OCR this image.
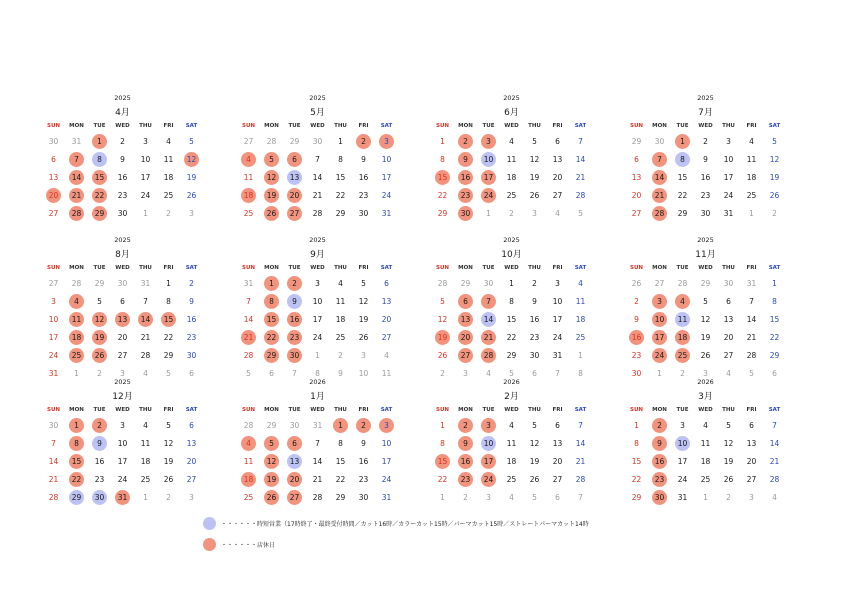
2025
4月
SUN	MON	TUE	WED	THU	FRI	SAT
30 31 1 2 3 4 5
6 7 8 9 10 11 12
13 14 15 16 17 18 19
20 21 22 23 24 25 26
27 28 29 30 1 2 3
2025
5月
SUN	MON	TUE	WED	THU	FRI	SAT
27 28 29 30 1 2 3
4 5 6 7 8 9 10
11 12 13 14 15 16 17
18 19 20 21 22 23 24
25 26 27 28 29 30 31
2025
6月
SUN	MON	TUE	WED	THU	FRI	SAT
1 2 3 4 5 6 7
8 9 10 11 12 13 14
15 16 17 18 19 20 21
22 23 24 25 26 27 28
29 30 1 2 3 4 5
2025
7月
SUN	MON	TUE	WED	THU	FRI	SAT
29 30 1 2 3 4 5
6 7 8 9 10 11 12
13 14 15 16 17 18 19
20 21 22 23 24 25 26
27 28 29 30 31 1 2
2025
8月
SUN	MON	TUE	WED	THU	FRI	SAT
27 28 29 30 31 1 2
3 4 5 6 7 8 9
10 11 12 13 14 15 16
17 18 19 20 21 22 23
24 25 26 27 28 29 30
31 1 2 3 4 5 6
2025
9月
SUN	MON	TUE	WED	THU	FRI	SAT
31 1 2 3 4 5 6
7 8 9 10 11 12 13
14 15 16 17 18 19 20
21 22 23 24 25 26 27
28 29 30 1 2 3 4
5 6 7 8 9 10 11
2025
10月
SUN	MON	TUE	WED	THU	FRI	SAT
28 29 30 1 2 3 4
5 6 7 8 9 10 11
12 13 14 15 16 17 18
19 20 21 22 23 24 25
26 27 28 29 30 31 1
2 3 4 5 6 7 8
2025
11月
SUN	MON	TUE	WED	THU	FRI	SAT
26 27 28 29 30 31 1
2 3 4 5 6 7 8
9 10 11 12 13 14 15
16 17 18 19 20 21 22
23 24 25 26 27 28 29
30 1 2 3 4 5 6
2025
12月
SUN	MON	TUE	WED	THU	FRI	SAT
30 1 2 3 4 5 6
7 8 9 10 11 12 13
14 15 16 17 18 19 20
21 22 23 24 25 26 27
28 29 30 31 1 2 3
2026
1月
SUN	MON	TUE	WED	THU	FRI	SAT
28 29 30 31 1 2 3
4 5 6 7 8 9 10
11 12 13 14 15 16 17
18 19 20 21 22 23 24
25 26 27 28 29 30 31
2026
2月
SUN	MON	TUE	WED	THU	FRI	SAT
1 2 3 4 5 6 7
8 9 10 11 12 13 14
15 16 17 18 19 20 21
22 23 24 25 26 27 28
1 2 3 4 5 6 7
2026
3月
SUN	MON	TUE	WED	THU	FRI	SAT
1 2 3 4 5 6 7
8 9 10 11 12 13 14
15 16 17 18 19 20 21
22 23 24 25 26 27 28
29 30 31 1 2 3 4
・・・・・・時短営業（17時終了・最終受付時間／カット16時／カラーカット15時／パーマカット15時／ストレートパーマカット14時
・・・・・・店休日
